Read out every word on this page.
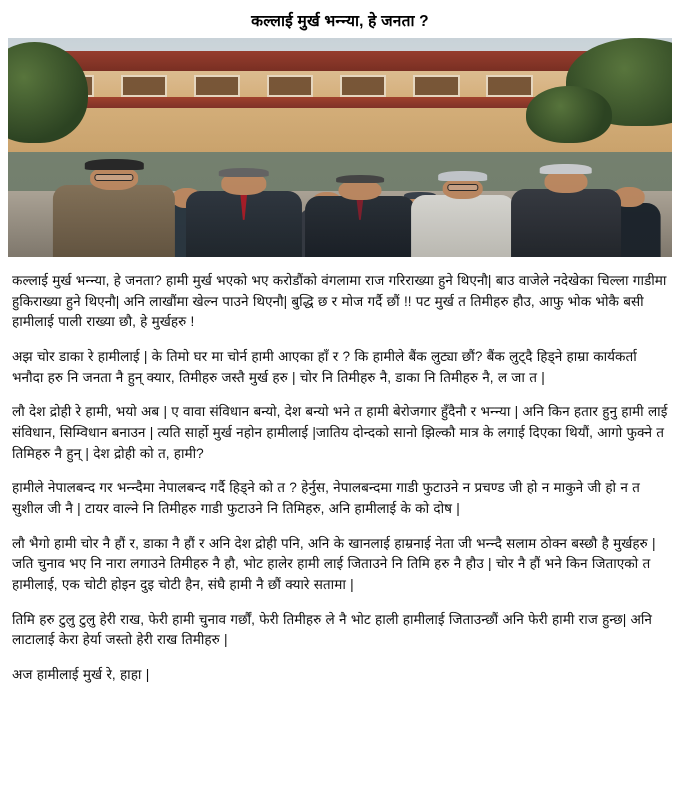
कल्लाई मुर्ख भन्न्या, हे जनता ?

कल्लाई मुर्ख भन्न्या, हे जनता? हामी मुर्ख भएको भए करोडौंको वंगलामा राज गरिराख्या हुने थिएनौ| बाउ वाजेले नदेखेका चिल्ला गाडीमा हुकिराख्या हुने थिएनौ| अनि लाखौंमा खेल्न पाउने थिएनौ| बुद्धि छ र मोज गर्दै छौं !! पट मुर्ख त तिमीहरु हौउ, आफु भोक भोकै बसी हामीलाई पाली राख्या छौ, हे मुर्खहरु !

अझ चोर डाका रे हामीलाई | के तिमो घर मा चोर्न हामी आएका हाँ र ? कि हामीले बैंक लुट्या छौं? बैंक लुट्दै हिड्ने हाम्रा कार्यकर्ता भनौदा हरु नि जनता नै हुन् क्यार, तिमीहरु जस्तै मुर्ख हरु | चोर नि तिमीहरु नै, डाका नि तिमीहरु नै, ल जा त |

लौ देश द्रोही रे हामी, भयो अब | ए वावा संविधान बन्यो, देश बन्यो भने त हामी बेरोजगार हुँदैनौ र भन्न्या | अनि किन हतार हुनु हामी लाई संविधान, सिम्विधान बनाउन | त्यति सार्हो मुर्ख नहोन हामीलाई |जातिय दोन्दको सानो झिल्कौ मात्र के लगाई दिएका थियौं, आगो फुक्ने त तिमिहरु नै हुन् | देश द्रोही को त, हामी?

हामीले नेपालबन्द गर भन्न्दैमा नेपालबन्द गर्दै हिड्ने को त ? हेर्नुस, नेपालबन्दमा गाडी फुटाउने न प्रचण्ड जी हो न माकुने जी हो न त सुशील जी नै | टायर वाल्ने नि तिमीहरु गाडी फुटाउने नि तिमिहरु, अनि हामीलाई के को दोष |

लौ भैगो हामी चोर नै हौं र, डाका नै हौं र अनि देश द्रोही पनि, अनि के खानलाई हाम्रनाई नेता जी भन्न्दै सलाम ठोक्न बस्छौ है मुर्खहरु | जति चुनाव भए नि नारा लगाउने तिमीहरु नै हौ, भोट हालेर हामी लाई जिताउने नि तिमि हरु नै हौउ | चोर नै हौं भने किन जिताएको त हामीलाई, एक चोटी होइन दुइ चोटी हैन, संघै हामी नै छौं क्यारे सतामा |

तिमि हरु टुलु टुलु हेरी राख, फेरी हामी चुनाव गर्छौं, फेरी तिमीहरु ले नै भोट हाली हामीलाई जिताउन्छौं अनि फेरी हामी राज हुन्छ| अनि लाटालाई केरा हेर्या जस्तो हेरी राख तिमीहरु |

अज हामीलाई मुर्ख रे, हाहा |
